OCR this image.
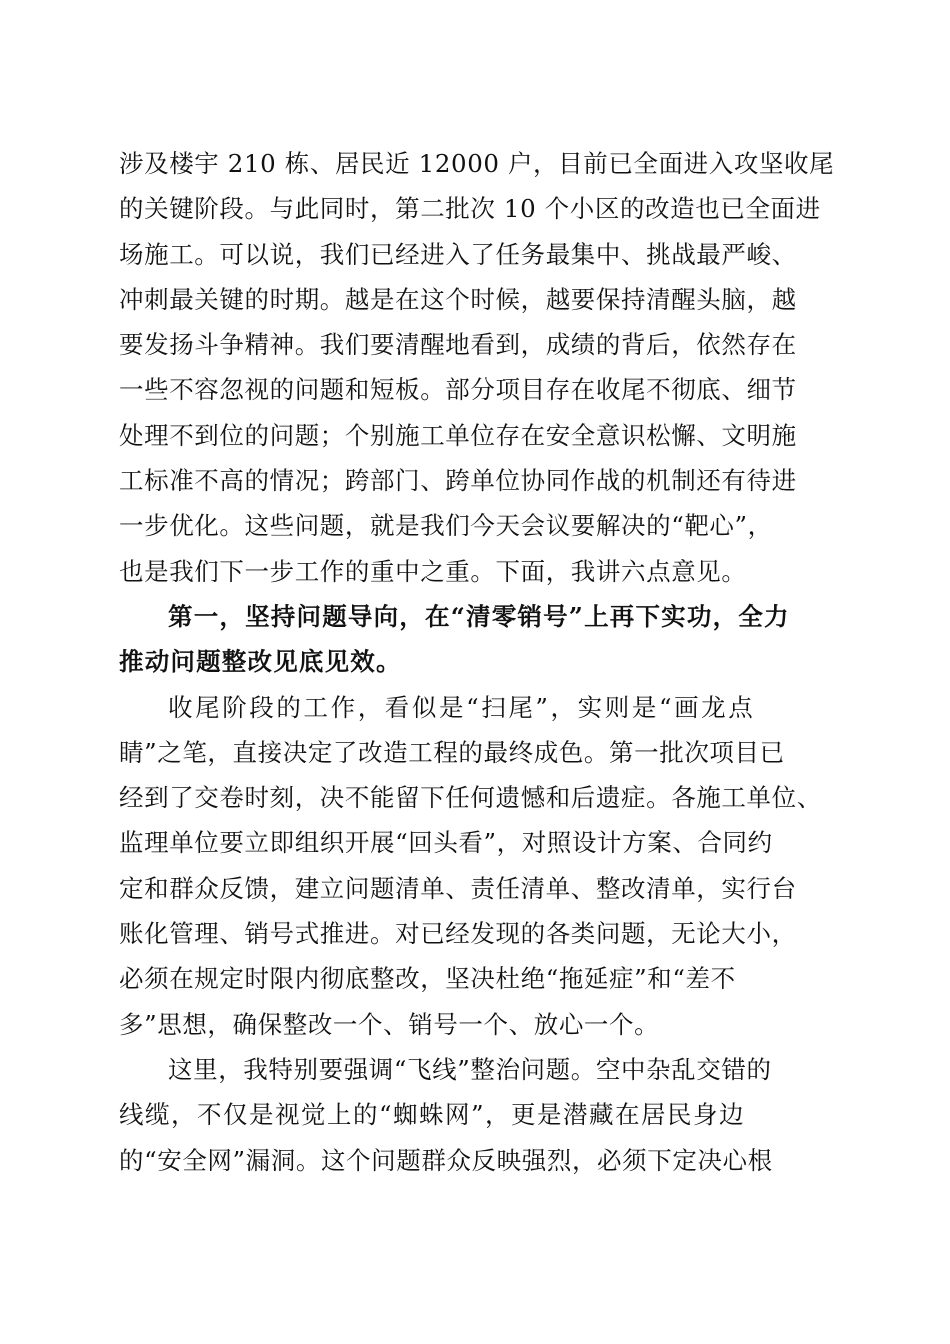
涉及楼宇 210 栋、居民近 12000 户，目前已全面进入攻坚收尾
的关键阶段。与此同时，第二批次 10 个小区的改造也已全面进
场施工。可以说，我们已经进入了任务最集中、挑战最严峻、
冲刺最关键的时期。越是在这个时候，越要保持清醒头脑，越
要发扬斗争精神。我们要清醒地看到，成绩的背后，依然存在
一些不容忽视的问题和短板。部分项目存在收尾不彻底、细节
处理不到位的问题；个别施工单位存在安全意识松懈、文明施
工标准不高的情况；跨部门、跨单位协同作战的机制还有待进
一步优化。这些问题，就是我们今天会议要解决的“靶心”，
也是我们下一步工作的重中之重。下面，我讲六点意见。
第一，坚持问题导向，在“清零销号”上再下实功，全力
推动问题整改见底见效。
收尾阶段的工作，看似是“扫尾”，实则是“画龙点
睛”之笔，直接决定了改造工程的最终成色。第一批次项目已
经到了交卷时刻，决不能留下任何遗憾和后遗症。各施工单位、
监理单位要立即组织开展“回头看”，对照设计方案、合同约
定和群众反馈，建立问题清单、责任清单、整改清单，实行台
账化管理、销号式推进。对已经发现的各类问题，无论大小，
必须在规定时限内彻底整改，坚决杜绝“拖延症”和“差不
多”思想，确保整改一个、销号一个、放心一个。
这里，我特别要强调“飞线”整治问题。空中杂乱交错的
线缆，不仅是视觉上的“蜘蛛网”，更是潜藏在居民身边
的“安全网”漏洞。这个问题群众反映强烈，必须下定决心根
